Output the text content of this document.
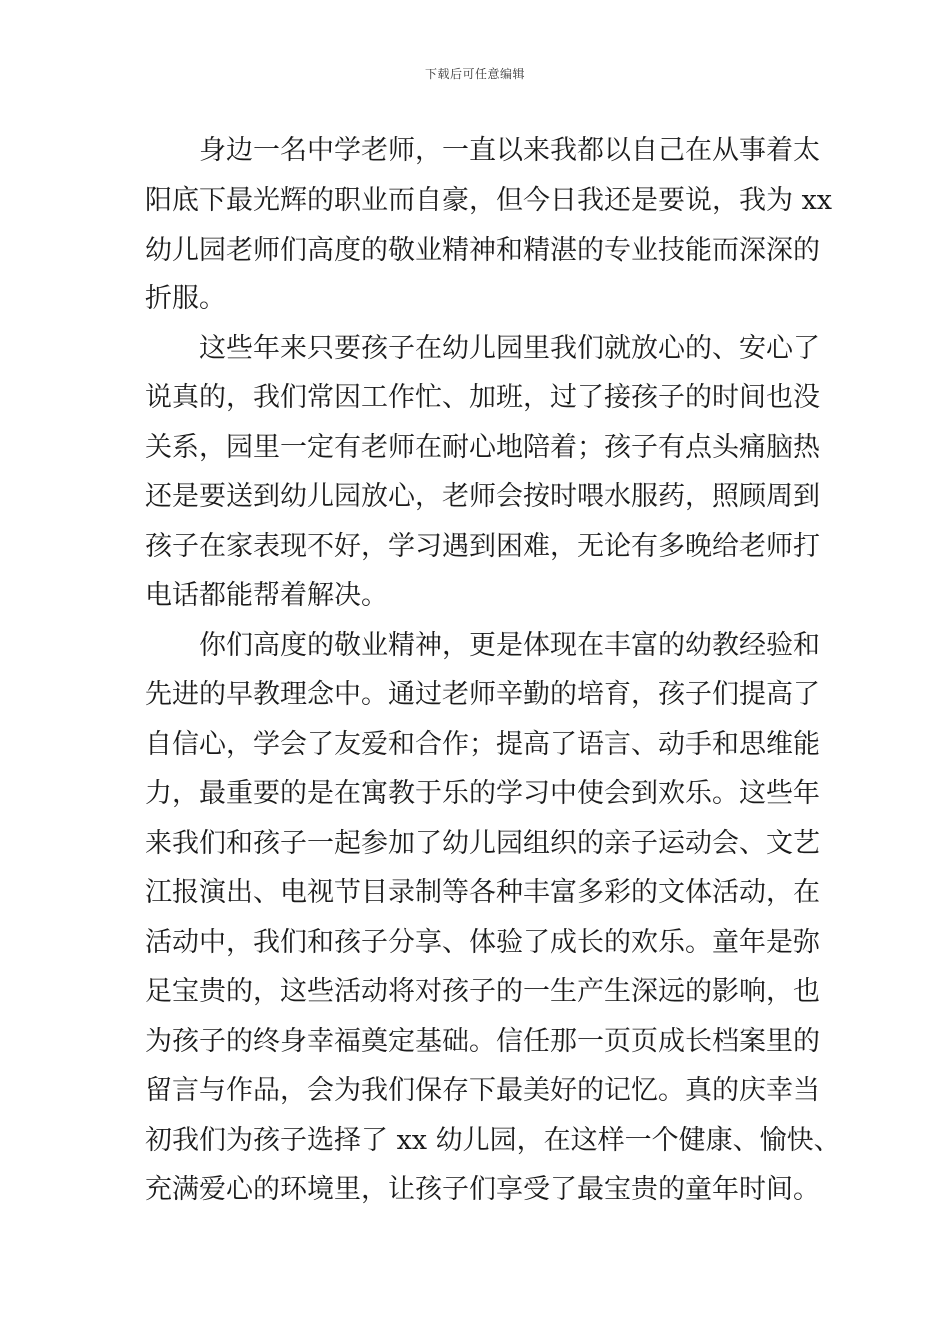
下载后可任意编辑
身边一名中学老师，一直以来我都以自己在从事着太
阳底下最光辉的职业而自豪，但今日我还是要说，我为 xx
幼儿园老师们高度的敬业精神和精湛的专业技能而深深的
折服。
这些年来只要孩子在幼儿园里我们就放心的、安心了
说真的，我们常因工作忙、加班，过了接孩子的时间也没
关系，园里一定有老师在耐心地陪着；孩子有点头痛脑热
还是要送到幼儿园放心，老师会按时喂水服药，照顾周到
孩子在家表现不好，学习遇到困难，无论有多晚给老师打
电话都能帮着解决。
你们高度的敬业精神，更是体现在丰富的幼教经验和
先进的早教理念中。通过老师辛勤的培育，孩子们提高了
自信心，学会了友爱和合作；提高了语言、动手和思维能
力，最重要的是在寓教于乐的学习中使会到欢乐。这些年
来我们和孩子一起参加了幼儿园组织的亲子运动会、文艺
江报演出、电视节目录制等各种丰富多彩的文体活动，在
活动中，我们和孩子分享、体验了成长的欢乐。童年是弥
足宝贵的，这些活动将对孩子的一生产生深远的影响，也
为孩子的终身幸福奠定基础。信任那一页页成长档案里的
留言与作品，会为我们保存下最美好的记忆。真的庆幸当
初我们为孩子选择了 xx 幼儿园，在这样一个健康、愉快、
充满爱心的环境里，让孩子们享受了最宝贵的童年时间。
